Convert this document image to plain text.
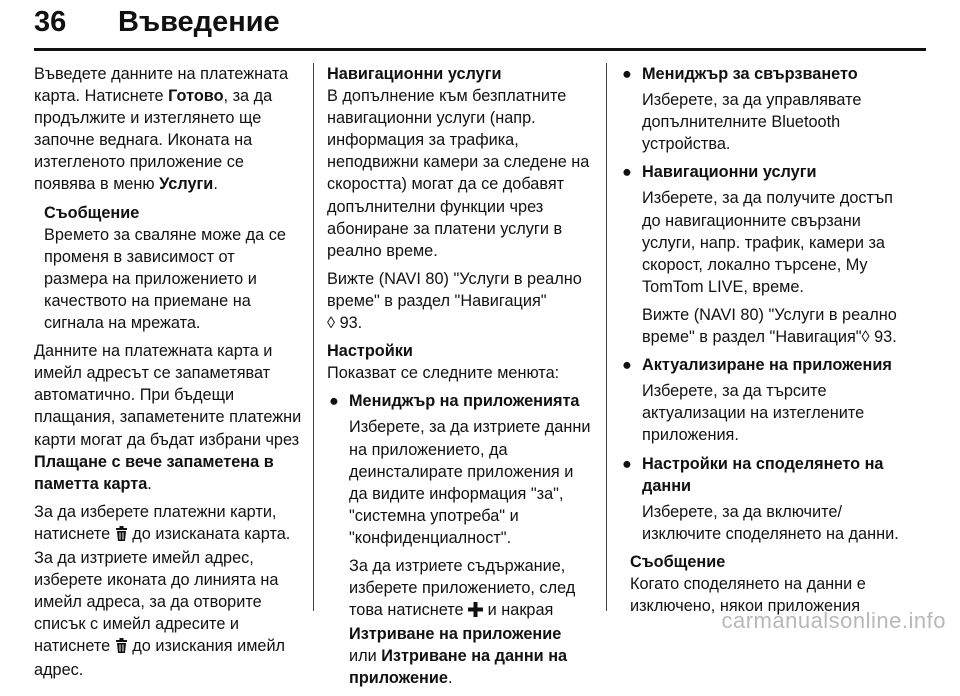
36 Въведение

Въведете данните на платежната карта. Натиснете Готово, за да продължите и изтеглянето ще започне веднага. Иконата на изтегленото приложение се появява в меню Услуги.

Съобщение
Времето за сваляне може да се променя в зависимост от размера на приложението и качеството на приемане на сигнала на мрежата.

Данните на платежната карта и имейл адресът се запаметяват автоматично. При бъдещи плащания, запаметените платежни карти могат да бъдат избрани чрез Плащане с вече запаметена в паметта карта.

За да изберете платежни карти, натиснете  до изисканата карта. За да изтриете имейл адрес, изберете иконата до линията на имейл адреса, за да отворите списък с имейл адресите и натиснете  до изискания имейл адрес.

Навигационни услуги

В допълнение към безплатните навигационни услуги (напр. информация за трафика, неподвижни камери за следене на скоростта) могат да се добавят допълнителни функции чрез абониране за платени услуги в реално време.

Вижте (NAVI 80) "Услуги в реално време" в раздел "Навигация"
◊ 93.

Настройки

Показват се следните менюта:

● Мениджър на приложенията

Изберете, за да изтриете данни на приложението, да деинсталирате приложения и да видите информация "за", "системна употреба" и "конфиденциалност".

За да изтриете съдържание, изберете приложението, след това натиснете  и накрая Изтриване на приложение или Изтриване на данни на приложение.

● Мениджър за свързването

Изберете, за да управлявате допълнителните Bluetooth устройства.

● Навигационни услуги

Изберете, за да получите достъп до навигационните свързани услуги, напр. трафик, камери за скорост, локално търсене, My TomTom LIVE, време.

Вижте (NAVI 80) "Услуги в реално време" в раздел "Навигация"◊ 93.

● Актуализиране на приложения

Изберете, за да търсите актуализации на изтеглените приложения.

● Настройки на споделянето на данни

Изберете, за да включите/ изключите споделянето на данни.

Съобщение
Когато споделянето на данни е изключено, някои приложения
carmanualsonline.info
